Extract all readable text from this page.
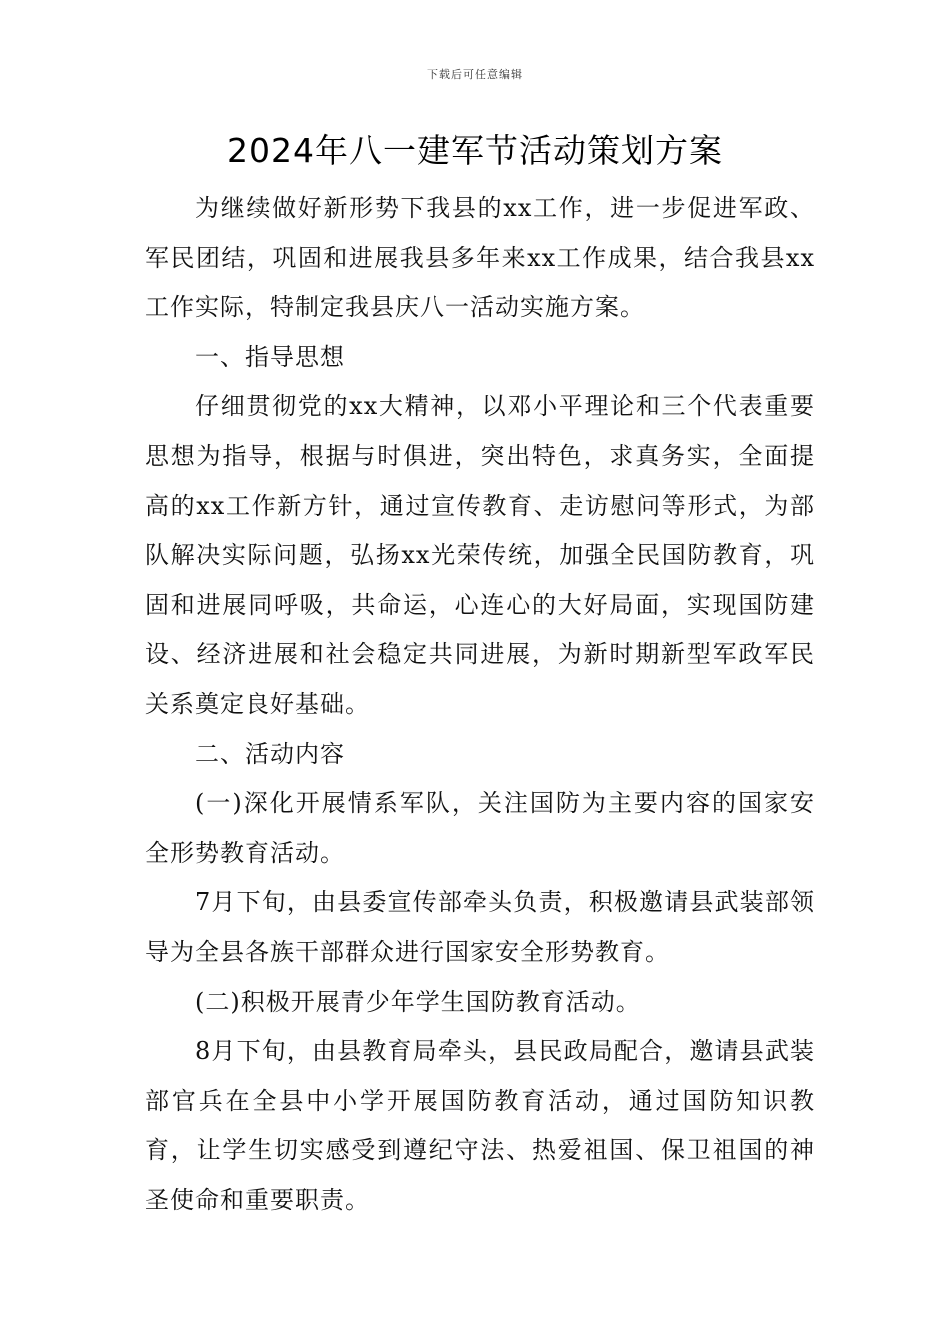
下载后可任意编辑
2024年八一建军节活动策划方案

为继续做好新形势下我县的xx工作，进一步促进军政、军民团结，巩固和进展我县多年来xx工作成果，结合我县xx工作实际，特制定我县庆八一活动实施方案。

一、指导思想

仔细贯彻党的xx大精神，以邓小平理论和三个代表重要思想为指导，根据与时俱进，突出特色，求真务实，全面提高的xx工作新方针，通过宣传教育、走访慰问等形式，为部队解决实际问题，弘扬xx光荣传统，加强全民国防教育，巩固和进展同呼吸，共命运，心连心的大好局面，实现国防建设、经济进展和社会稳定共同进展，为新时期新型军政军民关系奠定良好基础。

二、活动内容

(一)深化开展情系军队，关注国防为主要内容的国家安全形势教育活动。

7月下旬，由县委宣传部牵头负责，积极邀请县武装部领导为全县各族干部群众进行国家安全形势教育。

(二)积极开展青少年学生国防教育活动。

8月下旬，由县教育局牵头，县民政局配合，邀请县武装部官兵在全县中小学开展国防教育活动，通过国防知识教育，让学生切实感受到遵纪守法、热爱祖国、保卫祖国的神圣使命和重要职责。
